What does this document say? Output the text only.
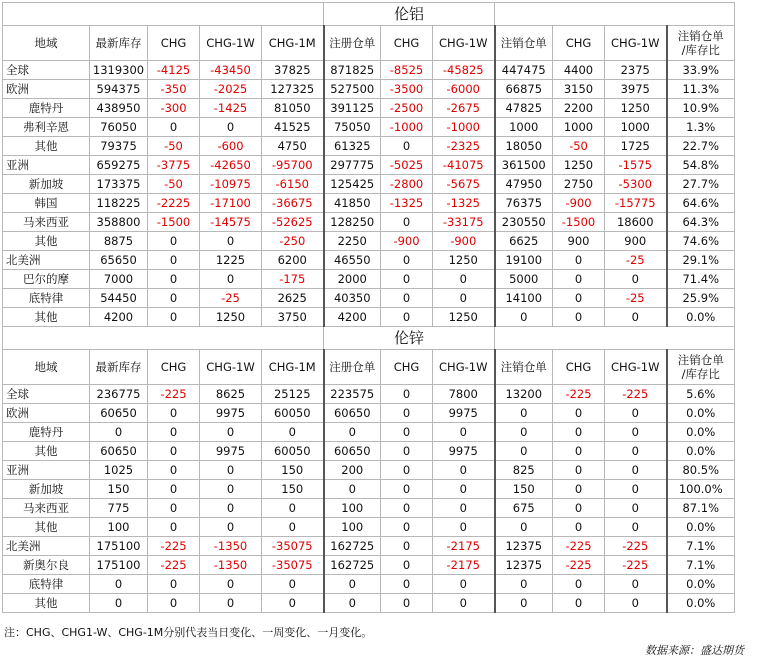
					伦铝						
地域	最新库存	CHG	CHG-1W	CHG-1M	注册仓单	CHG	CHG-1W	注销仓单	CHG	CHG-1W	注销仓单
/库存比
全球	1319300	-4125	-43450	37825	871825	-8525	-45825	447475	4400	2375	33.9%
欧洲	594375	-350	-2025	127325	527500	-3500	-6000	66875	3150	3975	11.3%
鹿特丹	438950	-300	-1425	81050	391125	-2500	-2675	47825	2200	1250	10.9%
弗利辛恩	76050	0	0	41525	75050	-1000	-1000	1000	1000	1000	1.3%
其他	79375	-50	-600	4750	61325	0	-2325	18050	-50	1725	22.7%
亚洲	659275	-3775	-42650	-95700	297775	-5025	-41075	361500	1250	-1575	54.8%
新加坡	173375	-50	-10975	-6150	125425	-2800	-5675	47950	2750	-5300	27.7%
韩国	118225	-2225	-17100	-36675	41850	-1325	-1325	76375	-900	-15775	64.6%
马来西亚	358800	-1500	-14575	-52625	128250	0	-33175	230550	-1500	18600	64.3%
其他	8875	0	0	-250	2250	-900	-900	6625	900	900	74.6%
北美洲	65650	0	1225	6200	46550	0	1250	19100	0	-25	29.1%
巴尔的摩	7000	0	0	-175	2000	0	0	5000	0	0	71.4%
底特律	54450	0	-25	2625	40350	0	0	14100	0	-25	25.9%
其他	4200	0	1250	3750	4200	0	1250	0	0	0	0.0%
					伦锌						
地域	最新库存	CHG	CHG-1W	CHG-1M	注册仓单	CHG	CHG-1W	注销仓单	CHG	CHG-1W	注销仓单
/库存比
全球	236775	-225	8625	25125	223575	0	7800	13200	-225	-225	5.6%
欧洲	60650	0	9975	60050	60650	0	9975	0	0	0	0.0%
鹿特丹	0	0	0	0	0	0	0	0	0	0	0.0%
其他	60650	0	9975	60050	60650	0	9975	0	0	0	0.0%
亚洲	1025	0	0	150	200	0	0	825	0	0	80.5%
新加坡	150	0	0	150	0	0	0	150	0	0	100.0%
马来西亚	775	0	0	0	100	0	0	675	0	0	87.1%
其他	100	0	0	0	100	0	0	0	0	0	0.0%
北美洲	175100	-225	-1350	-35075	162725	0	-2175	12375	-225	-225	7.1%
新奥尔良	175100	-225	-1350	-35075	162725	0	-2175	12375	-225	-225	7.1%
底特律	0	0	0	0	0	0	0	0	0	0	0.0%
其他	0	0	0	0	0	0	0	0	0	0	0.0%
注：CHG、CHG1-W、CHG-1M分别代表当日变化、一周变化、一月变化。
数据来源：盛达期货
